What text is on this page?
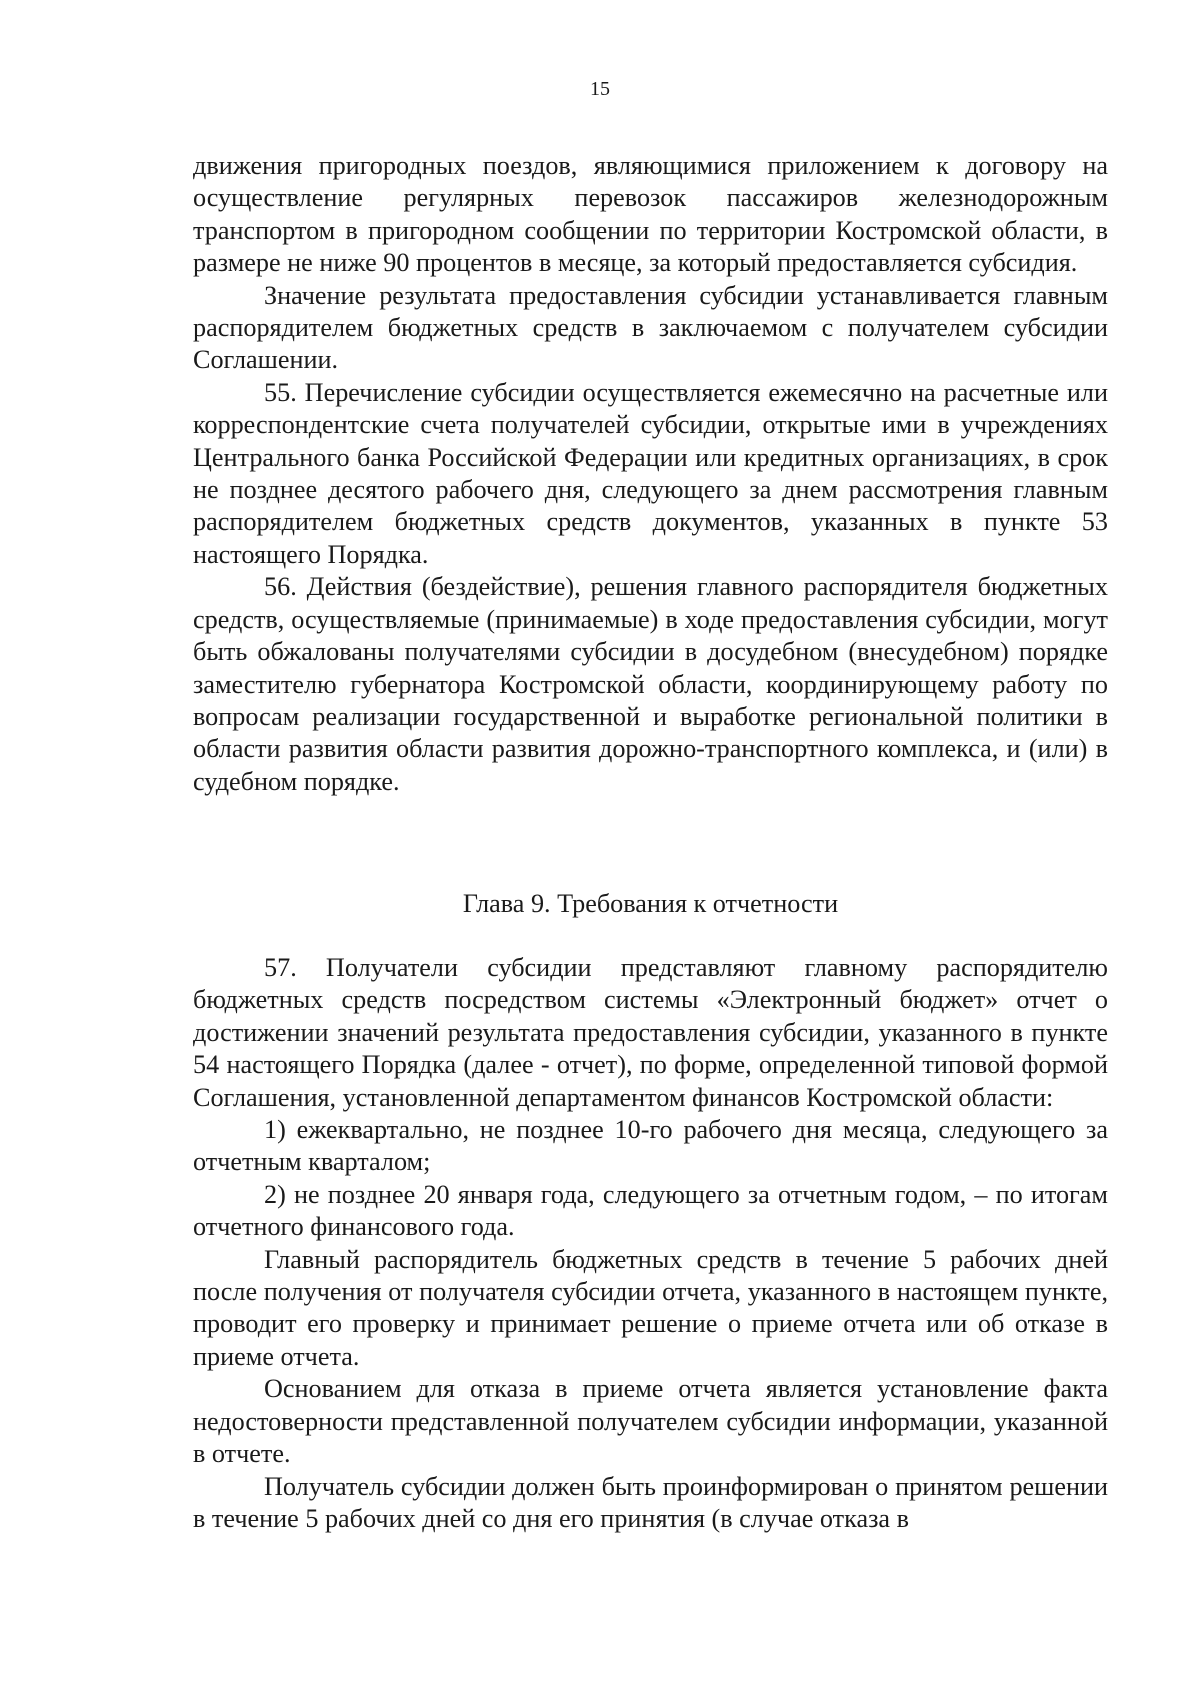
15

движения пригородных поездов, являющимися приложением к договору на осуществление регулярных перевозок пассажиров железнодорожным транспортом в пригородном сообщении по территории Костромской области, в размере не ниже 90 процентов в месяце, за который предоставляется субсидия.

Значение результата предоставления субсидии устанавливается главным распорядителем бюджетных средств в заключаемом с получателем субсидии Соглашении.

55. Перечисление субсидии осуществляется ежемесячно на расчетные или корреспондентские счета получателей субсидии, открытые ими в учреждениях Центрального банка Российской Федерации или кредитных организациях, в срок не позднее десятого рабочего дня, следующего за днем рассмотрения главным распорядителем бюджетных средств документов, указанных в пункте 53 настоящего Порядка.

56. Действия (бездействие), решения главного распорядителя бюджетных средств, осуществляемые (принимаемые) в ходе предоставления субсидии, могут быть обжалованы получателями субсидии в досудебном (внесудебном) порядке заместителю губернатора Костромской области, координирующему работу по вопросам реализации государственной и выработке региональной политики в области развития области развития дорожно-транспортного комплекса, и (или) в судебном порядке.

Глава 9. Требования к отчетности

57. Получатели субсидии представляют главному распорядителю бюджетных средств посредством системы «Электронный бюджет» отчет о достижении значений результата предоставления субсидии, указанного в пункте 54 настоящего Порядка (далее - отчет), по форме, определенной типовой формой Соглашения, установленной департаментом финансов Костромской области:

1) ежеквартально, не позднее 10-го рабочего дня месяца, следующего за отчетным кварталом;

2) не позднее 20 января года, следующего за отчетным годом, – по итогам отчетного финансового года.

Главный распорядитель бюджетных средств в течение 5 рабочих дней после получения от получателя субсидии отчета, указанного в настоящем пункте, проводит его проверку и принимает решение о приеме отчета или об отказе в приеме отчета.

Основанием для отказа в приеме отчета является установление факта недостоверности представленной получателем субсидии информации, указанной в отчете.

Получатель субсидии должен быть проинформирован о принятом решении в течение 5 рабочих дней со дня его принятия (в случае отказа в
